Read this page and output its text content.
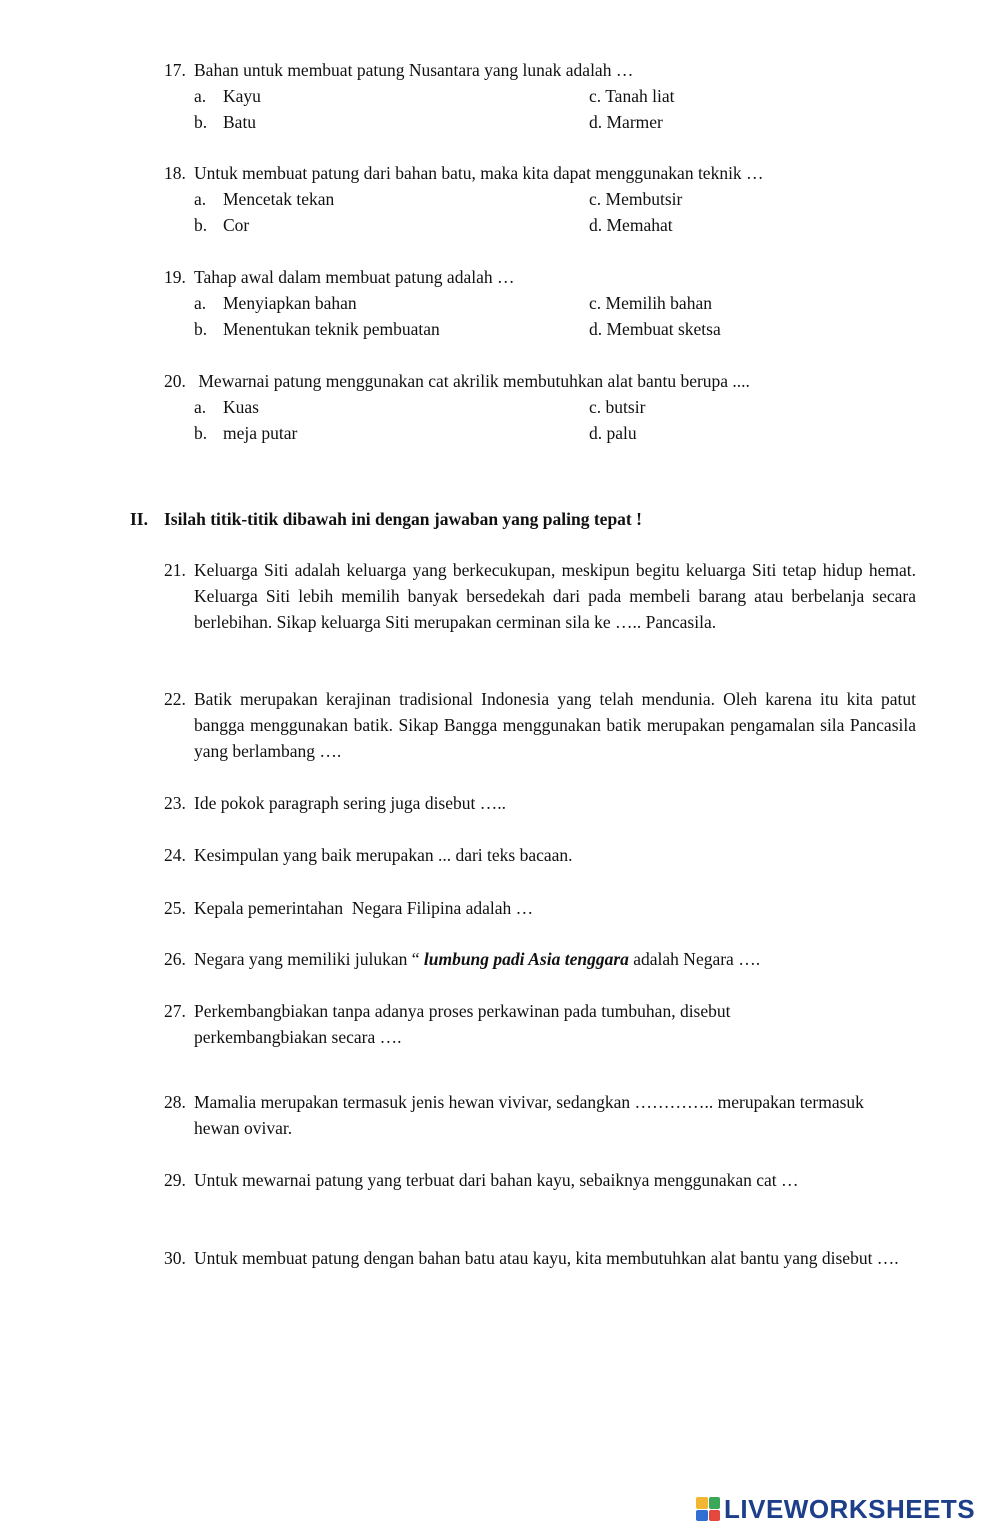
17. Bahan untuk membuat patung Nusantara yang lunak adalah …
a. Kayu
b. Batu
c. Tanah liat
d. Marmer
18. Untuk membuat patung dari bahan batu, maka kita dapat menggunakan teknik …
a. Mencetak tekan
b. Cor
c. Membutsir
d. Memahat
19. Tahap awal dalam membuat patung adalah …
a. Menyiapkan bahan
b. Menentukan teknik pembuatan
c. Memilih bahan
d. Membuat sketsa
20. Mewarnai patung menggunakan cat akrilik membutuhkan alat bantu berupa ....
a. Kuas
b. meja putar
c. butsir
d. palu
II. Isilah titik-titik dibawah ini dengan jawaban yang paling tepat !
21. Keluarga Siti adalah keluarga yang berkecukupan, meskipun begitu keluarga Siti tetap hidup hemat. Keluarga Siti lebih memilih banyak bersedekah dari pada membeli barang atau berbelanja secara berlebihan. Sikap keluarga Siti merupakan cerminan sila ke ….. Pancasila.
22. Batik merupakan kerajinan tradisional Indonesia yang telah mendunia. Oleh karena itu kita patut bangga menggunakan batik. Sikap Bangga menggunakan batik merupakan pengamalan sila Pancasila yang berlambang ….
23. Ide pokok paragraph sering juga disebut …..
24. Kesimpulan yang baik merupakan ... dari teks bacaan.
25. Kepala pemerintahan  Negara Filipina adalah …
26. Negara yang memiliki julukan “ lumbung padi Asia tenggara adalah Negara ….
27. Perkembangbiakan tanpa adanya proses perkawinan pada tumbuhan, disebut perkembangbiakan secara ….
28. Mamalia merupakan termasuk jenis hewan vivivar, sedangkan ………….. merupakan termasuk hewan ovivar.
29. Untuk mewarnai patung yang terbuat dari bahan kayu, sebaiknya menggunakan cat …
30. Untuk membuat patung dengan bahan batu atau kayu, kita membutuhkan alat bantu yang disebut ….
LIVEWORKSHEETS
